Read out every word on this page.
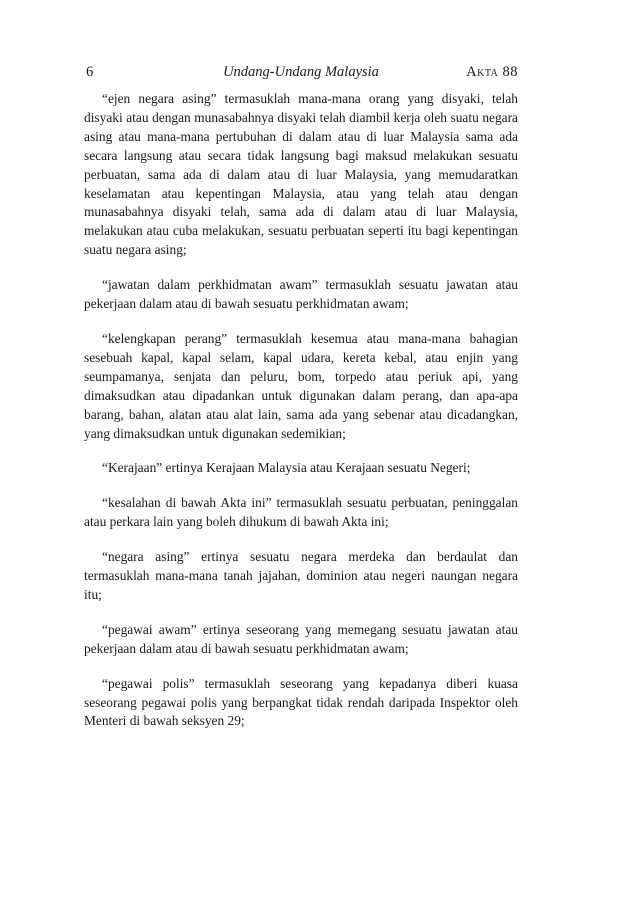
6	Undang-Undang Malaysia	Akta 88

“ejen negara asing” termasuklah mana-mana orang yang disyaki, telah disyaki atau dengan munasabahnya disyaki telah diambil kerja oleh suatu negara asing atau mana-mana pertubuhan di dalam atau di luar Malaysia sama ada secara langsung atau secara tidak langsung bagi maksud melakukan sesuatu perbuatan, sama ada di dalam atau di luar Malaysia, yang memudaratkan keselamatan atau kepentingan Malaysia, atau yang telah atau dengan munasabahnya disyaki telah, sama ada di dalam atau di luar Malaysia, melakukan atau cuba melakukan, sesuatu perbuatan seperti itu bagi kepentingan suatu negara asing;

“jawatan dalam perkhidmatan awam” termasuklah sesuatu jawatan atau pekerjaan dalam atau di bawah sesuatu perkhidmatan awam;

“kelengkapan perang” termasuklah kesemua atau mana-mana bahagian sesebuah kapal, kapal selam, kapal udara, kereta kebal, atau enjin yang seumpamanya, senjata dan peluru, bom, torpedo atau periuk api, yang dimaksudkan atau dipadankan untuk digunakan dalam perang, dan apa-apa barang, bahan, alatan atau alat lain, sama ada yang sebenar atau dicadangkan, yang dimaksudkan untuk digunakan sedemikian;

“Kerajaan” ertinya Kerajaan Malaysia atau Kerajaan sesuatu Negeri;

“kesalahan di bawah Akta ini” termasuklah sesuatu perbuatan, peninggalan atau perkara lain yang boleh dihukum di bawah Akta ini;

“negara asing” ertinya sesuatu negara merdeka dan berdaulat dan termasuklah mana-mana tanah jajahan, dominion atau negeri naungan negara itu;

“pegawai awam” ertinya seseorang yang memegang sesuatu jawatan atau pekerjaan dalam atau di bawah sesuatu perkhidmatan awam;

“pegawai polis” termasuklah seseorang yang kepadanya diberi kuasa seseorang pegawai polis yang berpangkat tidak rendah daripada Inspektor oleh Menteri di bawah seksyen 29;
